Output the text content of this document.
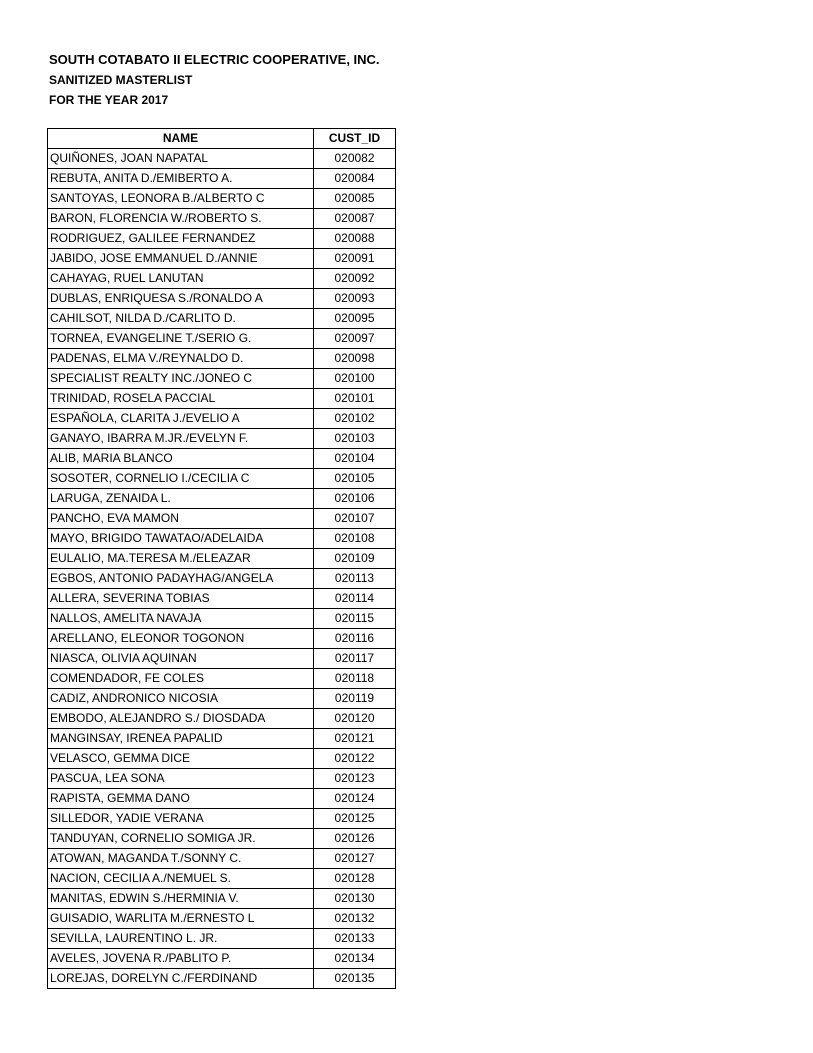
SOUTH COTABATO II ELECTRIC COOPERATIVE, INC.
SANITIZED MASTERLIST
FOR THE YEAR 2017
NAME	CUST_ID
QUIÑONES, JOAN NAPATAL	020082
REBUTA, ANITA D./EMIBERTO A.	020084
SANTOYAS, LEONORA B./ALBERTO C	020085
BARON, FLORENCIA W./ROBERTO S.	020087
RODRIGUEZ, GALILEE FERNANDEZ	020088
JABIDO, JOSE EMMANUEL D./ANNIE	020091
CAHAYAG, RUEL LANUTAN	020092
DUBLAS, ENRIQUESA S./RONALDO A	020093
CAHILSOT, NILDA D./CARLITO D.	020095
TORNEA, EVANGELINE T./SERIO G.	020097
PADENAS, ELMA V./REYNALDO D.	020098
SPECIALIST REALTY INC./JONEO C	020100
TRINIDAD, ROSELA PACCIAL	020101
ESPAÑOLA, CLARITA J./EVELIO A	020102
GANAYO, IBARRA M.JR./EVELYN F.	020103
ALIB, MARIA BLANCO	020104
SOSOTER, CORNELIO I./CECILIA C	020105
LARUGA, ZENAIDA L.	020106
PANCHO, EVA MAMON	020107
MAYO, BRIGIDO TAWATAO/ADELAIDA	020108
EULALIO, MA.TERESA M./ELEAZAR	020109
EGBOS, ANTONIO PADAYHAG/ANGELA	020113
ALLERA, SEVERINA TOBIAS	020114
NALLOS, AMELITA NAVAJA	020115
ARELLANO, ELEONOR TOGONON	020116
NIASCA, OLIVIA AQUINAN	020117
COMENDADOR, FE COLES	020118
CADIZ, ANDRONICO NICOSIA	020119
EMBODO, ALEJANDRO S./ DIOSDADA	020120
MANGINSAY, IRENEA PAPALID	020121
VELASCO, GEMMA DICE	020122
PASCUA, LEA SONA	020123
RAPISTA, GEMMA DANO	020124
SILLEDOR, YADIE VERANA	020125
TANDUYAN, CORNELIO SOMIGA JR.	020126
ATOWAN, MAGANDA T./SONNY C.	020127
NACION, CECILIA A./NEMUEL S.	020128
MANITAS, EDWIN S./HERMINIA V.	020130
GUISADIO, WARLITA M./ERNESTO L	020132
SEVILLA, LAURENTINO L. JR.	020133
AVELES, JOVENA R./PABLITO P.	020134
LOREJAS, DORELYN C./FERDINAND	020135
